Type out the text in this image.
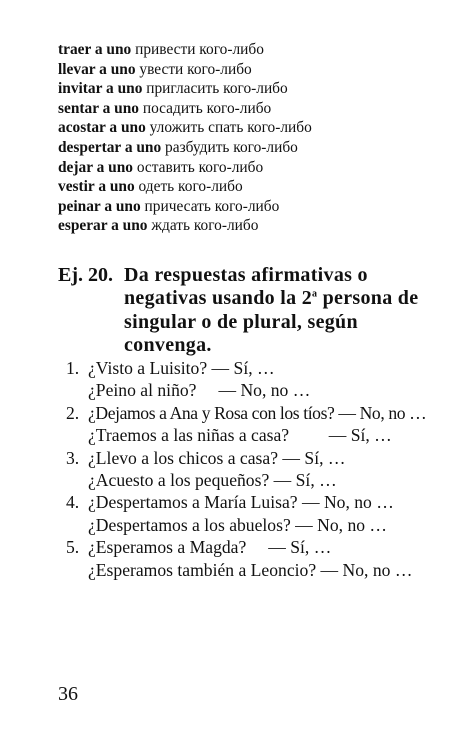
traer a uno привести кого-либо
llevar a uno увести кого-либо
invitar a uno пригласить кого-либо
sentar a uno посадить кого-либо
acostar a uno уложить спать кого-либо
despertar a uno разбудить кого-либо
dejar a uno оставить кого-либо
vestir a uno одеть кого-либо
peinar a uno причесать кого-либо
esperar a uno ждать кого-либо
Ej. 20. Da respuestas afirmativas o negativas usando la 2$^a$ persona de singular o de plural, según convenga.
1. ¿Visto a Luisito? — Sí, …
¿Peino al niño?     — No, no …
2. ¿Dejamos a Ana y Rosa con los tíos? — No, no …
¿Traemos a las niñas a casa?         — Sí, …
3. ¿Llevo a los chicos a casa? — Sí, …
¿Acuesto a los pequeños? — Sí, …
4. ¿Despertamos a María Luisa? — No, no …
¿Despertamos a los abuelos? — No, no …
5. ¿Esperamos a Magda?     — Sí, …
¿Esperamos también a Leoncio? — No, no …
36
